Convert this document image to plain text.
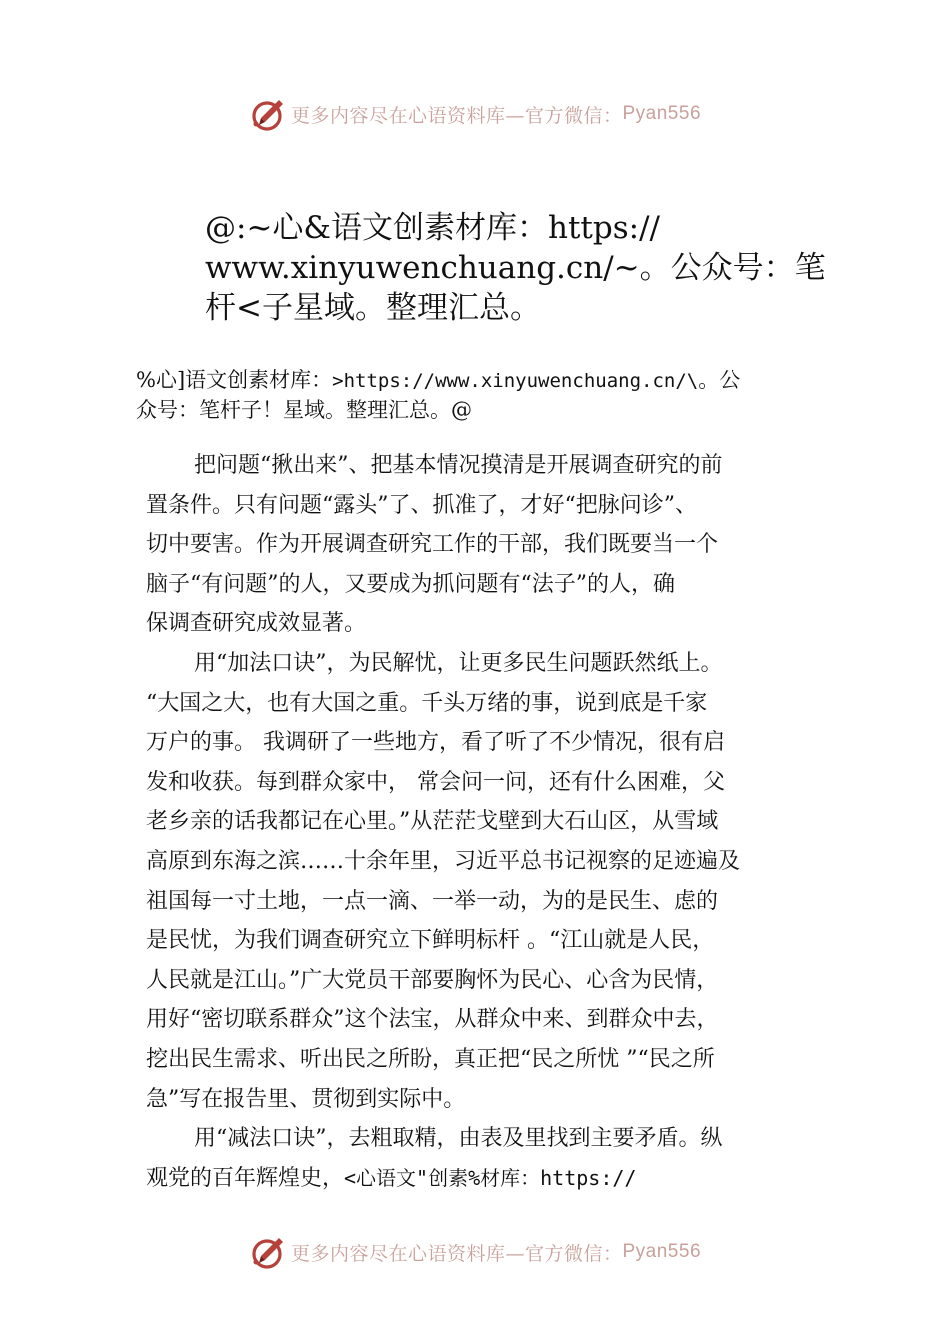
更多内容尽在心语资料库—官方微信： Pyan556
@:~心&语文创素材库：https://
www.xinyuwenchuang.cn/~。公众号：笔
杆<子星域。整理汇总。
%心]语文创素材库：>https://www.xinyuwenchuang.cn/\。公
众号：笔杆子！星域。整理汇总。@
把问题“揪出来”、把基本情况摸清是开展调查研究的前
置条件。只有问题“露头”了、抓准了，才好“把脉问诊”、
切中要害。作为开展调查研究工作的干部，我们既要当一个
脑子“有问题”的人，又要成为抓问题有“法子”的人，确
保调查研究成效显著。
用“加法口诀”，为民解忧，让更多民生问题跃然纸上。
“大国之大，也有大国之重。千头万绪的事，说到底是千家
万户的事。 我调研了一些地方，看了听了不少情况，很有启
发和收获。每到群众家中， 常会问一问，还有什么困难，父
老乡亲的话我都记在心里。”从茫茫戈壁到大石山区，从雪域
高原到东海之滨……十余年里，习近平总书记视察的足迹遍及
祖国每一寸土地，一点一滴、一举一动，为的是民生、虑的
是民忧，为我们调查研究立下鲜明标杆 。“江山就是人民，
人民就是江山。”广大党员干部要胸怀为民心、心含为民情，
用好“密切联系群众”这个法宝，从群众中来、到群众中去，
挖出民生需求、听出民之所盼，真正把“民之所忧 ”“民之所
急”写在报告里、贯彻到实际中。
用“减法口诀”，去粗取精，由表及里找到主要矛盾。纵
观党的百年辉煌史，<心语文"创素%材库：https://
更多内容尽在心语资料库—官方微信： Pyan556
